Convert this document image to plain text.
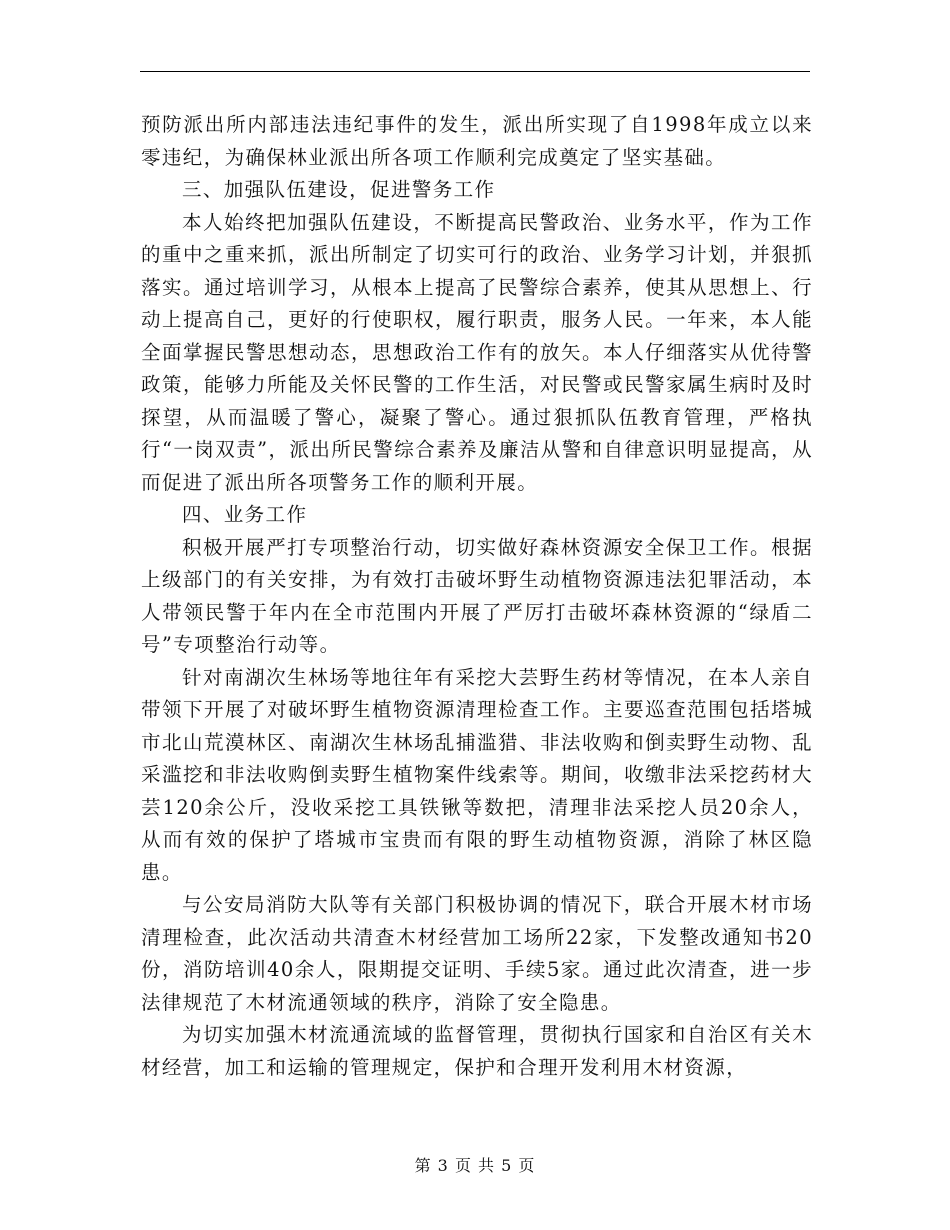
预防派出所内部违法违纪事件的发生，派出所实现了自1998年成立以来零违纪，为确保林业派出所各项工作顺利完成奠定了坚实基础。

三、加强队伍建设，促进警务工作

本人始终把加强队伍建设，不断提高民警政治、业务水平，作为工作的重中之重来抓，派出所制定了切实可行的政治、业务学习计划，并狠抓落实。通过培训学习，从根本上提高了民警综合素养，使其从思想上、行动上提高自己，更好的行使职权，履行职责，服务人民。一年来，本人能全面掌握民警思想动态，思想政治工作有的放矢。本人仔细落实从优待警政策，能够力所能及关怀民警的工作生活，对民警或民警家属生病时及时探望，从而温暖了警心，凝聚了警心。通过狠抓队伍教育管理，严格执行“一岗双责”，派出所民警综合素养及廉洁从警和自律意识明显提高，从而促进了派出所各项警务工作的顺利开展。

四、业务工作

积极开展严打专项整治行动，切实做好森林资源安全保卫工作。根据上级部门的有关安排，为有效打击破坏野生动植物资源违法犯罪活动，本人带领民警于年内在全市范围内开展了严厉打击破坏森林资源的“绿盾二号”专项整治行动等。

针对南湖次生林场等地往年有采挖大芸野生药材等情况，在本人亲自带领下开展了对破坏野生植物资源清理检查工作。主要巡查范围包括塔城市北山荒漠林区、南湖次生林场乱捕滥猎、非法收购和倒卖野生动物、乱采滥挖和非法收购倒卖野生植物案件线索等。期间，收缴非法采挖药材大芸120余公斤，没收采挖工具铁锹等数把，清理非法采挖人员20余人，从而有效的保护了塔城市宝贵而有限的野生动植物资源，消除了林区隐患。

与公安局消防大队等有关部门积极协调的情况下，联合开展木材市场清理检查，此次活动共清查木材经营加工场所22家，下发整改通知书20份，消防培训40余人，限期提交证明、手续5家。通过此次清查，进一步法律规范了木材流通领域的秩序，消除了安全隐患。

为切实加强木材流通流域的监督管理，贯彻执行国家和自治区有关木材经营，加工和运输的管理规定，保护和合理开发利用木材资源，

第 3 页 共 5 页
